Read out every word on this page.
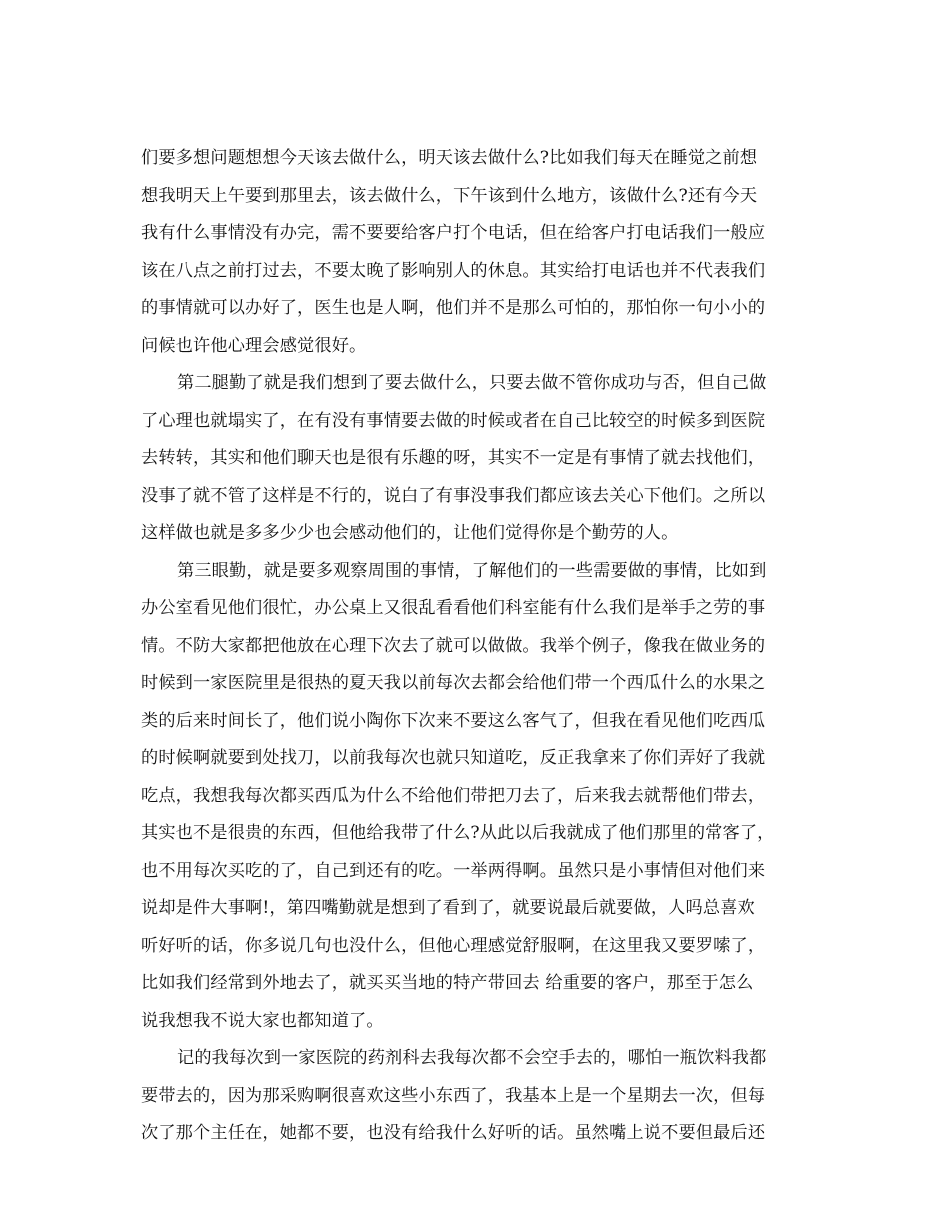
们要多想问题想想今天该去做什么，明天该去做什么?比如我们每天在睡觉之前想
想我明天上午要到那里去，该去做什么，下午该到什么地方，该做什么?还有今天
我有什么事情没有办完，需不要要给客户打个电话，但在给客户打电话我们一般应
该在八点之前打过去，不要太晚了影响别人的休息。其实给打电话也并不代表我们
的事情就可以办好了，医生也是人啊，他们并不是那么可怕的，那怕你一句小小的
问候也许他心理会感觉很好。
第二腿勤了就是我们想到了要去做什么，只要去做不管你成功与否，但自己做
了心理也就塌实了，在有没有事情要去做的时候或者在自己比较空的时候多到医院
去转转，其实和他们聊天也是很有乐趣的呀，其实不一定是有事情了就去找他们，
没事了就不管了这样是不行的，说白了有事没事我们都应该去关心下他们。之所以
这样做也就是多多少少也会感动他们的，让他们觉得你是个勤劳的人。
第三眼勤，就是要多观察周围的事情，了解他们的一些需要做的事情，比如到
办公室看见他们很忙，办公桌上又很乱看看他们科室能有什么我们是举手之劳的事
情。不防大家都把他放在心理下次去了就可以做做。我举个例子，像我在做业务的
时候到一家医院里是很热的夏天我以前每次去都会给他们带一个西瓜什么的水果之
类的后来时间长了，他们说小陶你下次来不要这么客气了，但我在看见他们吃西瓜
的时候啊就要到处找刀，以前我每次也就只知道吃，反正我拿来了你们弄好了我就
吃点，我想我每次都买西瓜为什么不给他们带把刀去了，后来我去就帮他们带去，
其实也不是很贵的东西，但他给我带了什么?从此以后我就成了他们那里的常客了，
也不用每次买吃的了，自己到还有的吃。一举两得啊。虽然只是小事情但对他们来
说却是件大事啊!，第四嘴勤就是想到了看到了，就要说最后就要做，人吗总喜欢
听好听的话，你多说几句也没什么，但他心理感觉舒服啊，在这里我又要罗嗦了，
比如我们经常到外地去了，就买买当地的特产带回去 给重要的客户，那至于怎么
说我想我不说大家也都知道了。
记的我每次到一家医院的药剂科去我每次都不会空手去的，哪怕一瓶饮料我都
要带去的，因为那采购啊很喜欢这些小东西了，我基本上是一个星期去一次，但每
次了那个主任在，她都不要，也没有给我什么好听的话。虽然嘴上说不要但最后还
